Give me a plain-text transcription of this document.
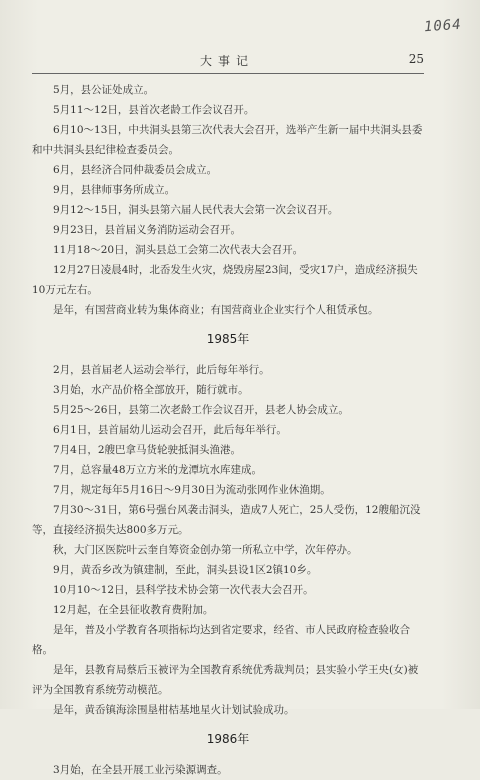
1064
大事记	25

5月，县公证处成立。

5月11～12日，县首次老龄工作会议召开。

6月10～13日，中共洞头县第三次代表大会召开，选举产生新一届中共洞头县委和中共洞头县纪律检查委员会。

6月，县经济合同仲裁委员会成立。

9月，县律师事务所成立。

9月12～15日，洞头县第六届人民代表大会第一次会议召开。

9月23日，县首届义务消防运动会召开。

11月18～20日，洞头县总工会第二次代表大会召开。

12月27日凌晨4时，北岙发生火灾，烧毁房屋23间，受灾17户，造成经济损失10万元左右。

是年，有国营商业转为集体商业；有国营商业企业实行个人租赁承包。

1985年

2月，县首届老人运动会举行，此后每年举行。

3月始，水产品价格全部放开，随行就市。

5月25～26日，县第二次老龄工作会议召开，县老人协会成立。

6月1日，县首届幼儿运动会召开，此后每年举行。

7月4日，2艘巴拿马货轮驶抵洞头渔港。

7月，总容量48万立方米的龙潭坑水库建成。

7月，规定每年5月16日～9月30日为流动张网作业休渔期。

7月30～31日，第6号强台风袭击洞头，造成7人死亡，25人受伤，12艘船沉没等，直接经济损失达800多万元。

秋，大门区医院叶云奎自筹资金创办第一所私立中学，次年停办。

9月，黄岙乡改为镇建制，至此，洞头县设1区2镇10乡。

10月10～12日，县科学技术协会第一次代表大会召开。

12月起，在全县征收教育费附加。

是年，普及小学教育各项指标均达到省定要求，经省、市人民政府检查验收合格。

是年，县教育局蔡后玉被评为全国教育系统优秀裁判员；县实验小学王央(女)被评为全国教育系统劳动模范。

是年，黄岙镇海涂围垦柑桔基地星火计划试验成功。

1986年

3月始，在全县开展工业污染源调查。
